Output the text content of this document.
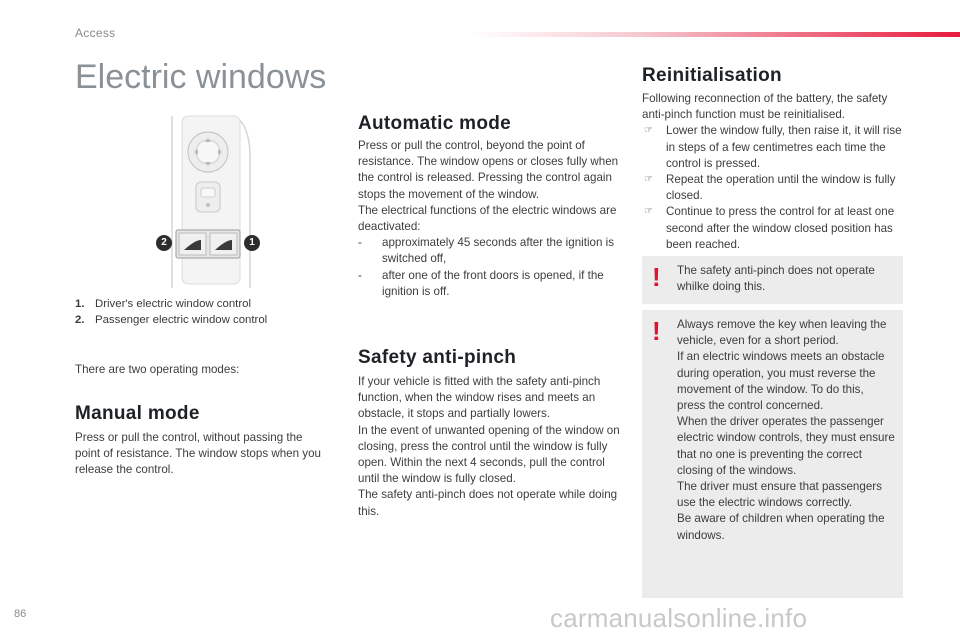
Access
Electric windows
2	1
1. Driver's electric window control
2. Passenger electric window control
There are two operating modes:
Manual mode
Press or pull the control, without passing the point of resistance. The window stops when you release the control.
Automatic mode

Press or pull the control, beyond the point of resistance. The window opens or closes fully when the control is released. Pressing the control again stops the movement of the window.

The electrical functions of the electric windows are deactivated:

- approximately 45 seconds after the ignition is switched off,
- after one of the front doors is opened, if the ignition is off.
Safety anti-pinch

If your vehicle is fitted with the safety anti-pinch function, when the window rises and meets an obstacle, it stops and partially lowers.

In the event of unwanted opening of the window on closing, press the control until the window is fully open. Within the next 4 seconds, pull the control until the window is fully closed.

The safety anti-pinch does not operate while doing this.

Reinitialisation

Following reconnection of the battery, the safety anti-pinch function must be reinitialised.

☞ Lower the window fully, then raise it, it will rise in steps of a few centimetres each time the control is pressed.
☞ Repeat the operation until the window is fully closed.
☞ Continue to press the control for at least one second after the window closed position has been reached.
! The safety anti-pinch does not operate whilke doing this.
! Always remove the key when leaving the vehicle, even for a short period.

If an electric windows meets an obstacle during operation, you must reverse the movement of the window. To do this, press the control concerned.

When the driver operates the passenger electric window controls, they must ensure that no one is preventing the correct closing of the windows.

The driver must ensure that passengers use the electric windows correctly.

Be aware of children when operating the windows.

86	carmanualsonline.info
